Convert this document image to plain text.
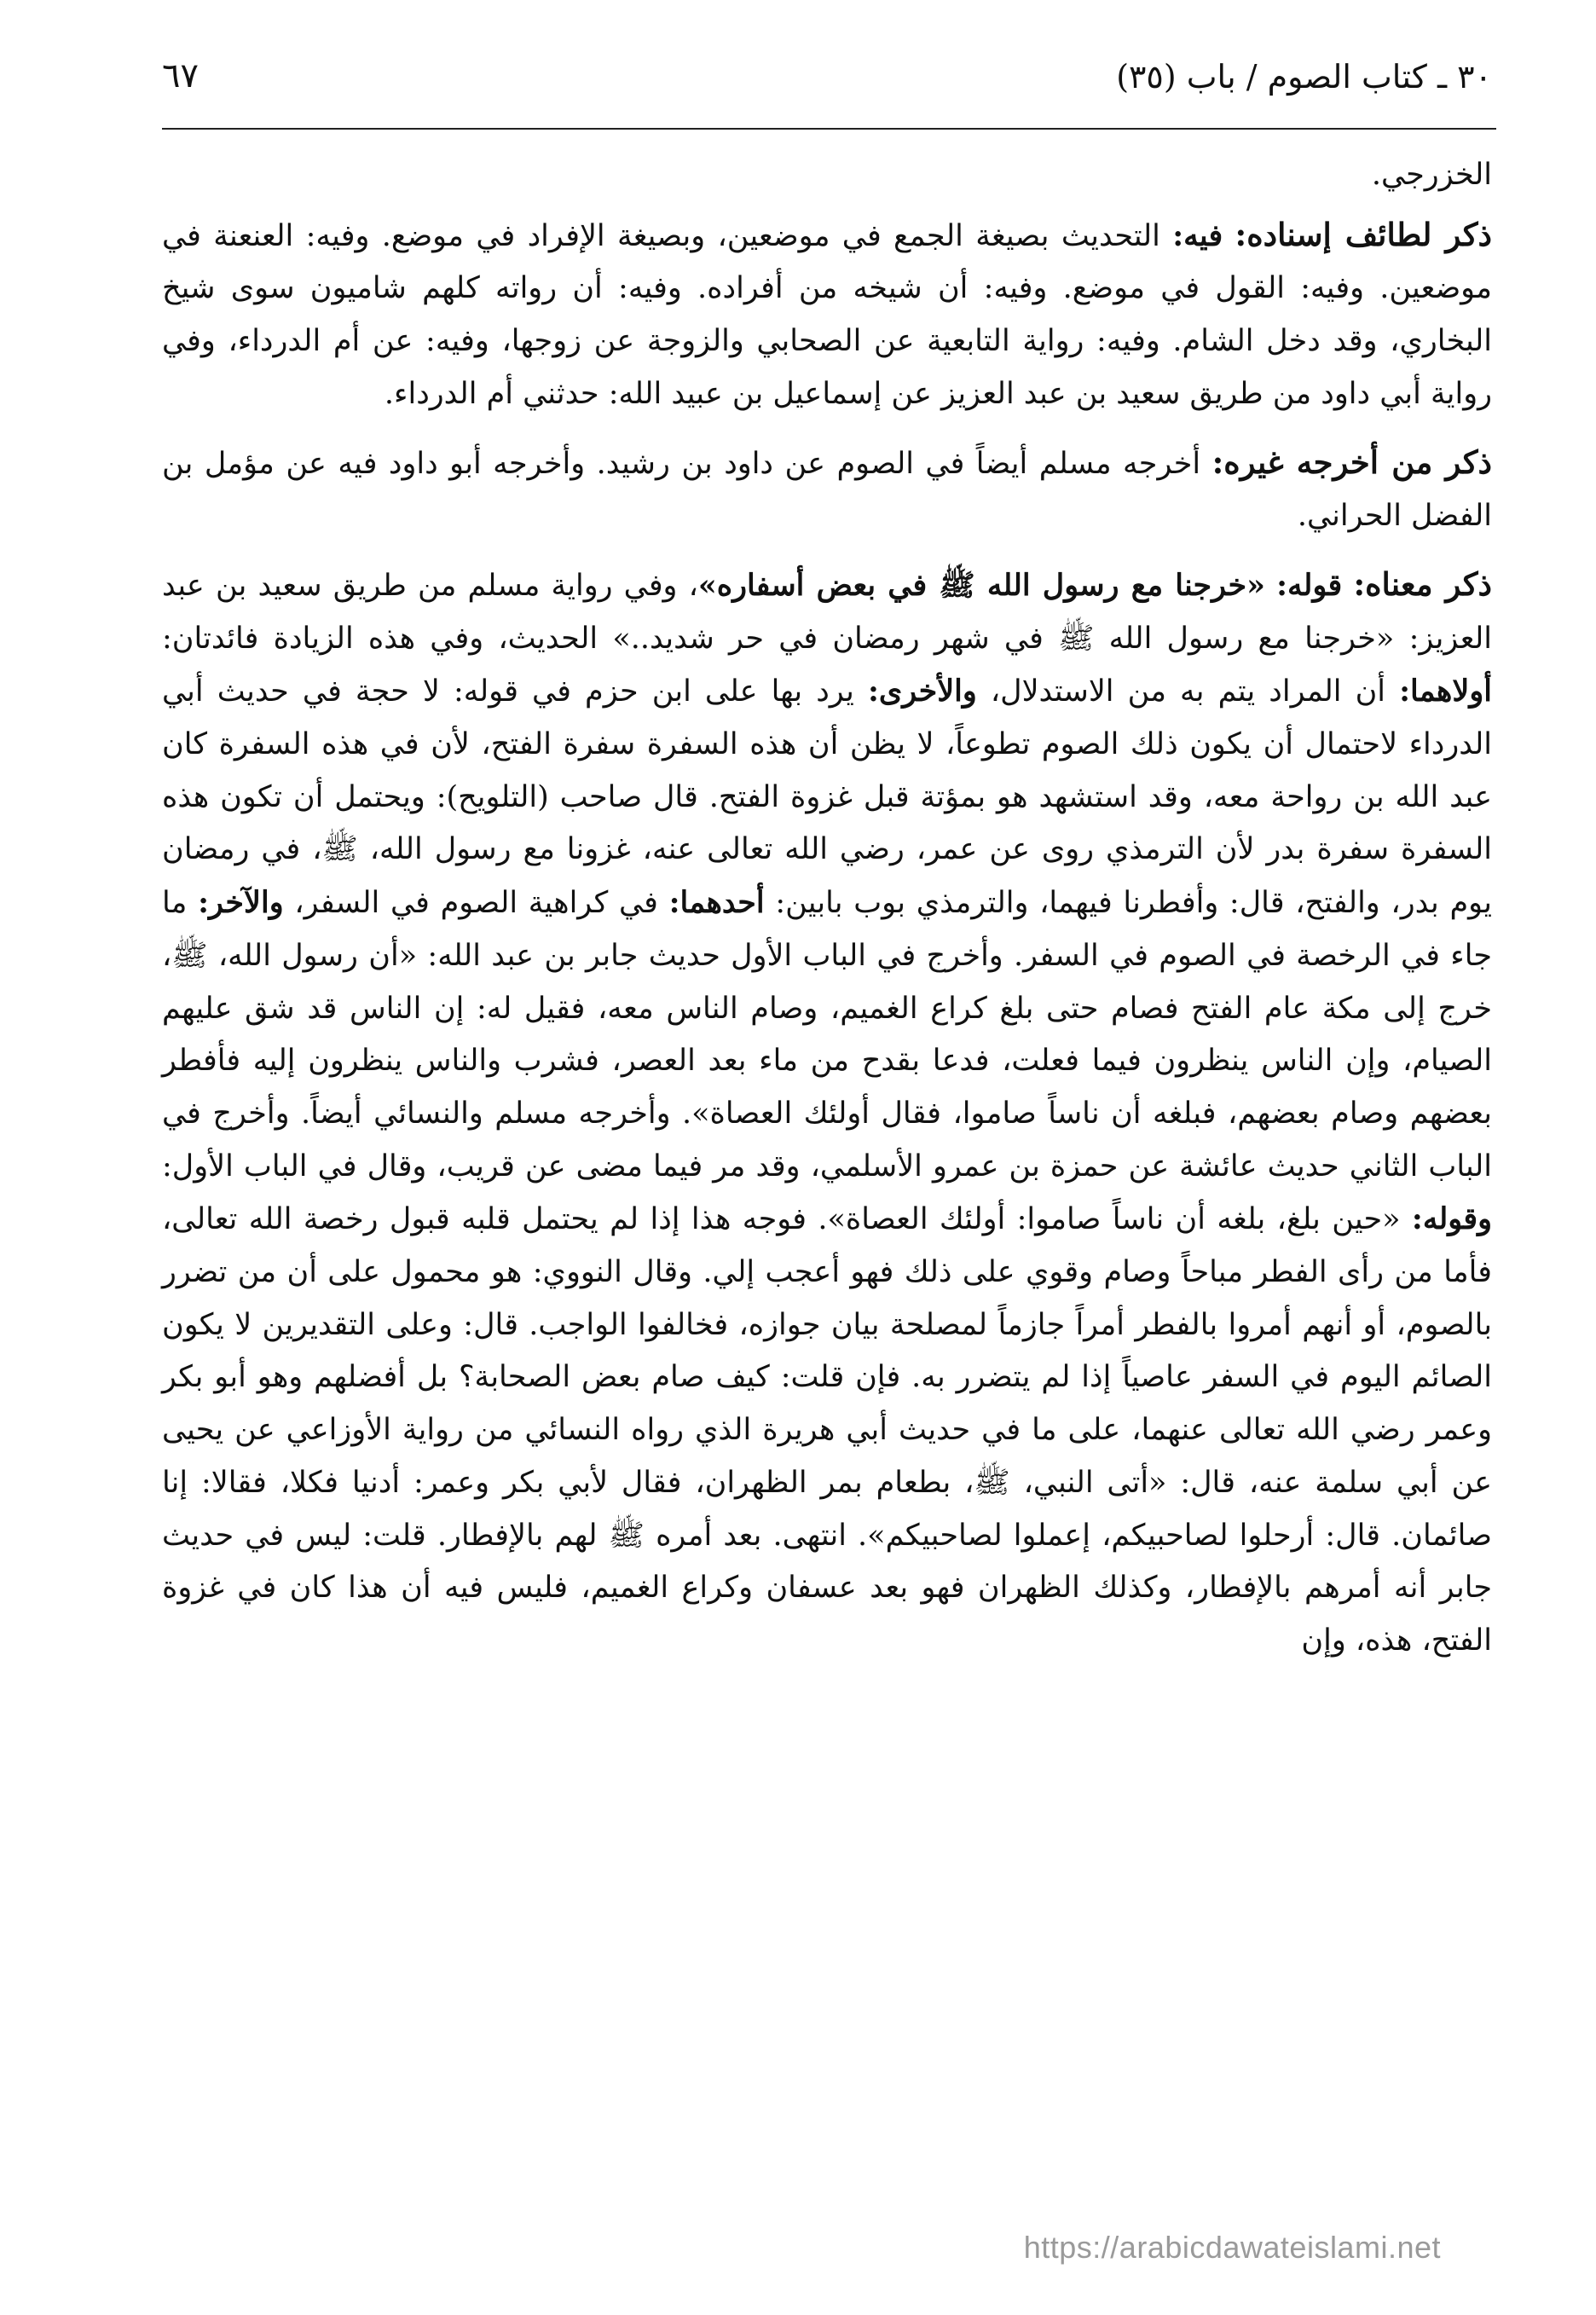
٣٠ ـ كتاب الصوم / باب (٣٥)
٦٧

الخزرجي.

ذكر لطائف إسناده: فيه: التحديث بصيغة الجمع في موضعين، وبصيغة الإفراد في موضع. وفيه: العنعنة في موضعين. وفيه: القول في موضع. وفيه: أن شيخه من أفراده. وفيه: أن رواته كلهم شاميون سوى شيخ البخاري، وقد دخل الشام. وفيه: رواية التابعية عن الصحابي والزوجة عن زوجها، وفيه: عن أم الدرداء، وفي رواية أبي داود من طريق سعيد بن عبد العزيز عن إسماعيل بن عبيد الله: حدثني أم الدرداء.

ذكر من أخرجه غيره: أخرجه مسلم أيضاً في الصوم عن داود بن رشيد. وأخرجه أبو داود فيه عن مؤمل بن الفضل الحراني.

ذكر معناه: قوله: «خرجنا مع رسول الله ﷺ في بعض أسفاره»، وفي رواية مسلم من طريق سعيد بن عبد العزيز: «خرجنا مع رسول الله ﷺ في شهر رمضان في حر شديد..» الحديث، وفي هذه الزيادة فائدتان: أولاهما: أن المراد يتم به من الاستدلال، والأخرى: يرد بها على ابن حزم في قوله: لا حجة في حديث أبي الدرداء لاحتمال أن يكون ذلك الصوم تطوعاً، لا يظن أن هذه السفرة سفرة الفتح، لأن في هذه السفرة كان عبد الله بن رواحة معه، وقد استشهد هو بمؤتة قبل غزوة الفتح. قال صاحب (التلويح): ويحتمل أن تكون هذه السفرة سفرة بدر لأن الترمذي روى عن عمر، رضي الله تعالى عنه، غزونا مع رسول الله، ﷺ، في رمضان يوم بدر، والفتح، قال: وأفطرنا فيهما، والترمذي بوب بابين: أحدهما: في كراهية الصوم في السفر، والآخر: ما جاء في الرخصة في الصوم في السفر. وأخرج في الباب الأول حديث جابر بن عبد الله: «أن رسول الله، ﷺ، خرج إلى مكة عام الفتح فصام حتى بلغ كراع الغميم، وصام الناس معه، فقيل له: إن الناس قد شق عليهم الصيام، وإن الناس ينظرون فيما فعلت، فدعا بقدح من ماء بعد العصر، فشرب والناس ينظرون إليه فأفطر بعضهم وصام بعضهم، فبلغه أن ناساً صاموا، فقال أولئك العصاة». وأخرجه مسلم والنسائي أيضاً. وأخرج في الباب الثاني حديث عائشة عن حمزة بن عمرو الأسلمي، وقد مر فيما مضى عن قريب، وقال في الباب الأول: وقوله: «حين بلغ، بلغه أن ناساً صاموا: أولئك العصاة». فوجه هذا إذا لم يحتمل قلبه قبول رخصة الله تعالى، فأما من رأى الفطر مباحاً وصام وقوي على ذلك فهو أعجب إلي. وقال النووي: هو محمول على أن من تضرر بالصوم، أو أنهم أمروا بالفطر أمراً جازماً لمصلحة بيان جوازه، فخالفوا الواجب. قال: وعلى التقديرين لا يكون الصائم اليوم في السفر عاصياً إذا لم يتضرر به. فإن قلت: كيف صام بعض الصحابة؟ بل أفضلهم وهو أبو بكر وعمر رضي الله تعالى عنهما، على ما في حديث أبي هريرة الذي رواه النسائي من رواية الأوزاعي عن يحيى عن أبي سلمة عنه، قال: «أتى النبي، ﷺ، بطعام بمر الظهران، فقال لأبي بكر وعمر: أدنيا فكلا، فقالا: إنا صائمان. قال: أرحلوا لصاحبيكم، إعملوا لصاحبيكم». انتهى. بعد أمره ﷺ لهم بالإفطار. قلت: ليس في حديث جابر أنه أمرهم بالإفطار، وكذلك الظهران فهو بعد عسفان وكراع الغميم، فليس فيه أن هذا كان في غزوة الفتح، هذه، وإن

https://arabicdawateislami.net
